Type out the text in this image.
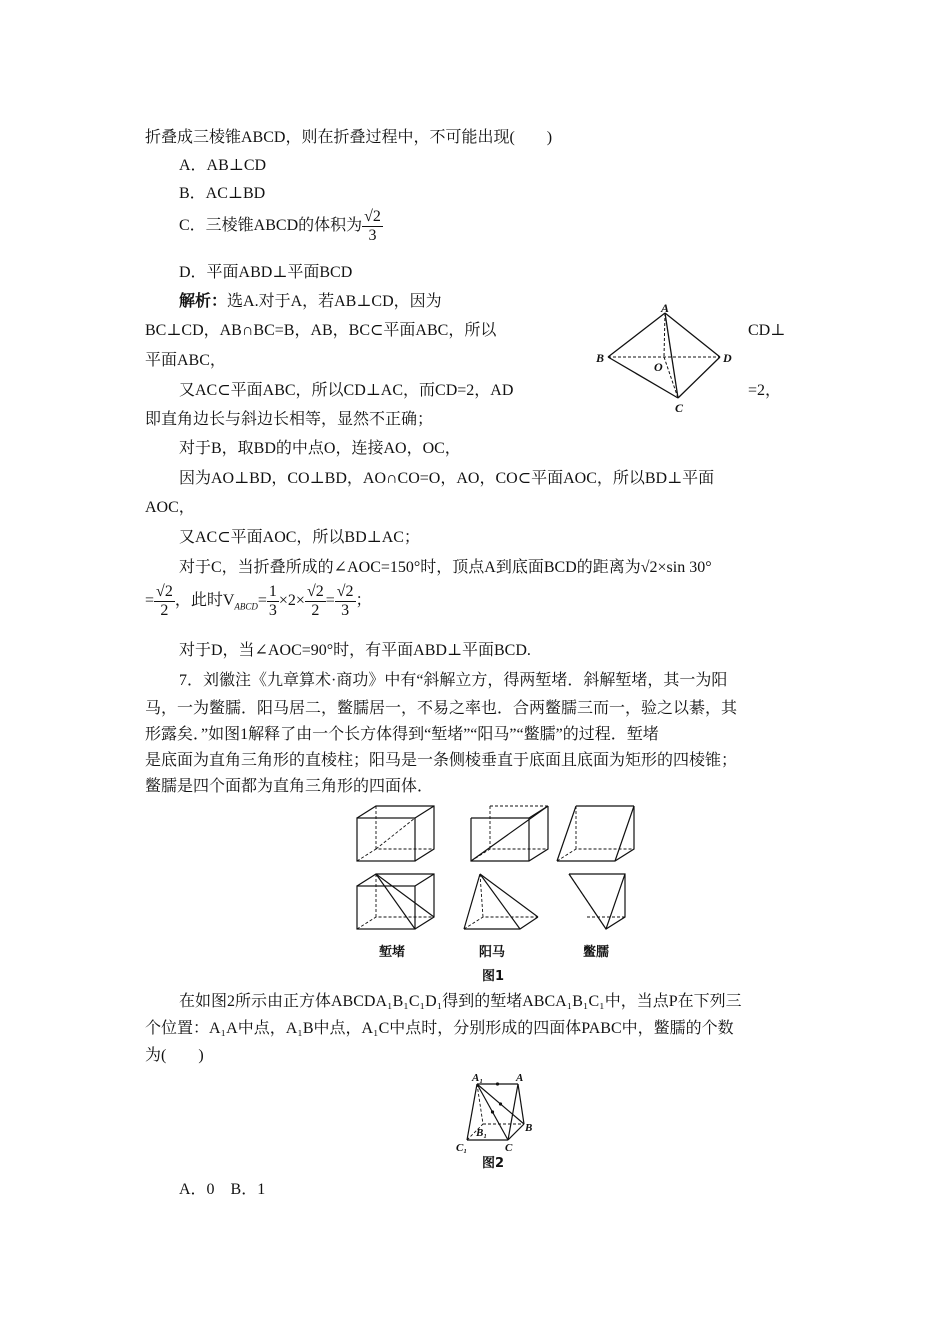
折叠成三棱锥ABCD，则在折叠过程中，不可能出现(　　)
A．AB⊥CD
B．AC⊥BD
C．三棱锥ABCD的体积为 $\frac{√2}{3}$
D．平面ABD⊥平面BCD
解析：选A.对于A，若AB⊥CD，因为
BC⊥CD，AB∩BC=B，AB，BC⊂平面ABC，所以	CD⊥
平面ABC，
又AC⊂平面ABC，所以CD⊥AC，而CD=2，AD	=2，
即直角边长与斜边长相等，显然不正确；
对于B，取BD的中点O，连接AO，OC，
因为AO⊥BD，CO⊥BD，AO∩CO=O，AO，CO⊂平面AOC，所以BD⊥平面
AOC，
又AC⊂平面AOC，所以BD⊥AC；
对于C，当折叠所成的∠AOC=150°时，顶点A到底面BCD的距离为√2×sin 30°
= $\frac{√2}{2}$ ，此时$V_{ABCD}= \frac{1}{3} \times 2\times \frac{√2}{2} = \frac{√2}{3}$ ；
对于D，当∠AOC=90°时，有平面ABD⊥平面BCD.
A
B	D
O
C
7．刘徽注《九章算术·商功》中有“斜解立方，得两堑堵．斜解堑堵，其一为阳
马，一为鳖臑．阳马居二，鳖臑居一，不易之率也．合两鳖臑三而一，验之以綦，其
形露矣．”如图1解释了由一个长方体得到“堑堵”“阳马”“鳖臑”的过程．堑堵
是底面为直角三角形的直棱柱；阳马是一条侧棱垂直于底面且底面为矩形的四棱锥；
鳖臑是四个面都为直角三角形的四面体．
堑堵	阳马	鳖臑
图1
在如图2所示由正方体ABCDA₁B₁C₁D₁得到的堑堵ABCA₁B₁C₁中，当点P在下列三
个位置：A₁A中点，A₁B中点，A₁C中点时，分别形成的四面体PABC中，鳖臑的个数
为(　　)
A₁	A
B₁	B
C₁	C
图2
A．0　B．1
